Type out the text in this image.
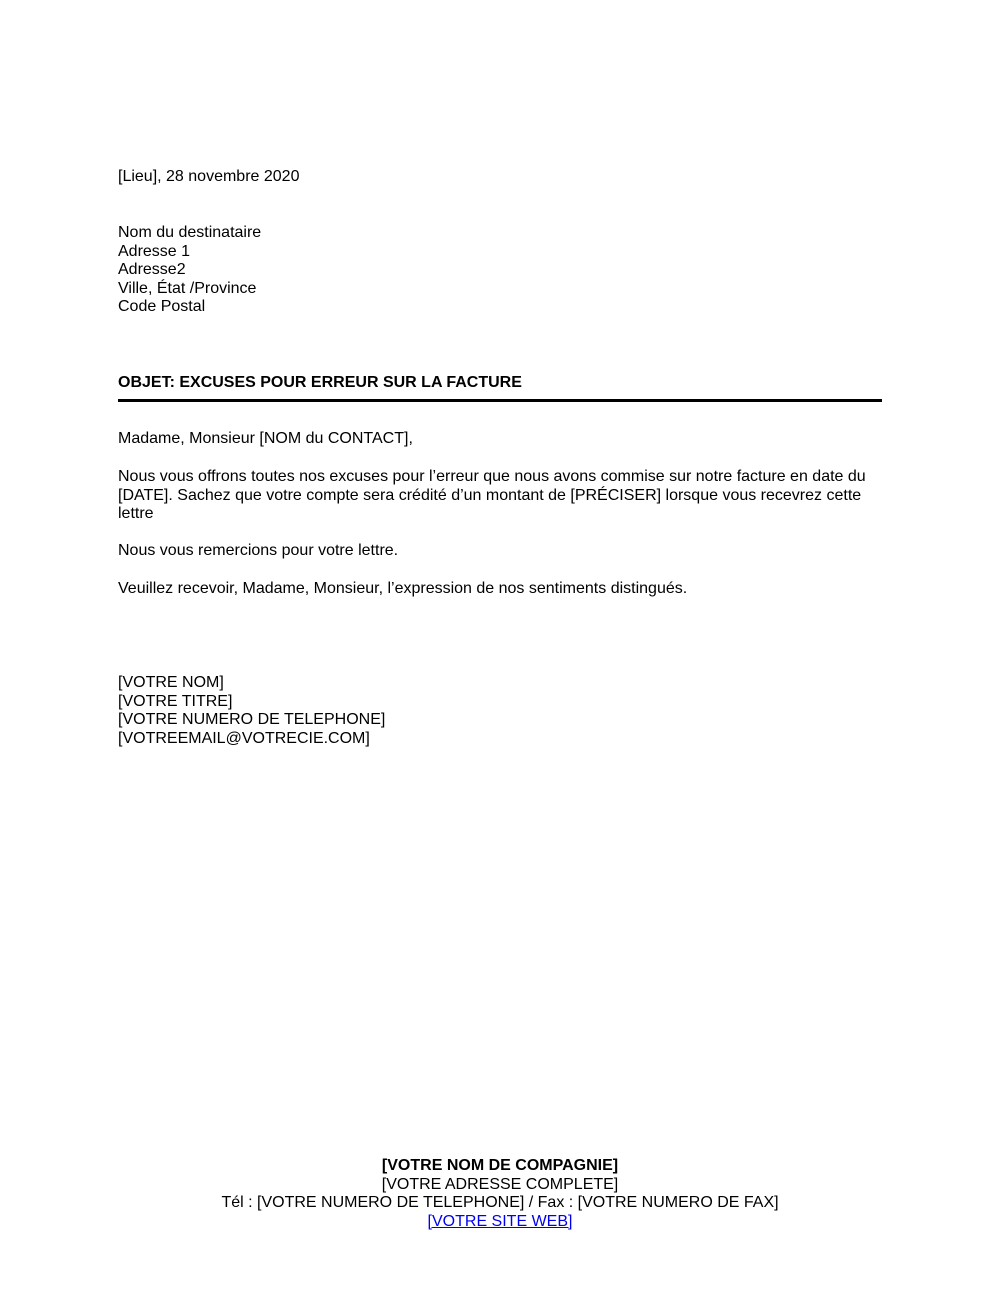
[Lieu], 28 novembre 2020
Nom du destinataire
Adresse 1
Adresse2
Ville, État /Province
Code Postal
OBJET: EXCUSES POUR ERREUR SUR LA FACTURE
Madame, Monsieur [NOM du CONTACT],
Nous vous offrons toutes nos excuses pour l’erreur que nous avons commise sur notre facture en date du [DATE]. Sachez que votre compte sera crédité d’un montant de [PRÉCISER] lorsque vous recevrez cette lettre
Nous vous remercions pour votre lettre.
Veuillez recevoir, Madame, Monsieur, l’expression de nos sentiments distingués.
[VOTRE NOM]
[VOTRE TITRE]
[VOTRE NUMERO DE TELEPHONE]
[VOTREEMAIL@VOTRECIE.COM]
[VOTRE NOM DE COMPAGNIE]
[VOTRE ADRESSE COMPLETE]
Tél : [VOTRE NUMERO DE TELEPHONE] / Fax : [VOTRE NUMERO DE FAX]
[VOTRE SITE WEB]
